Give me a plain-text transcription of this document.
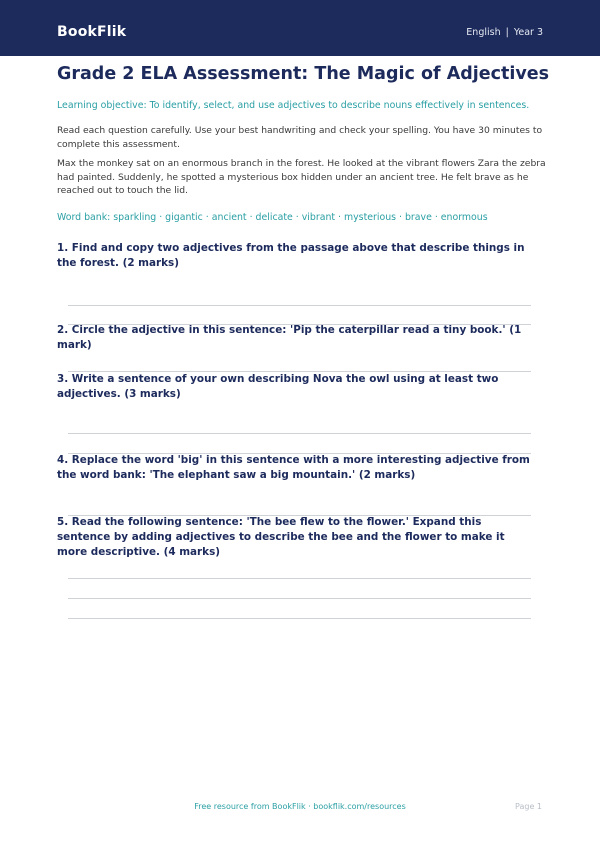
BookFlik	English | Year 3
Grade 2 ELA Assessment: The Magic of Adjectives
Learning objective: To identify, select, and use adjectives to describe nouns effectively in sentences.

Read each question carefully. Use your best handwriting and check your spelling. You have 30 minutes to complete this assessment.

Max the monkey sat on an enormous branch in the forest. He looked at the vibrant flowers Zara the zebra had painted. Suddenly, he spotted a mysterious box hidden under an ancient tree. He felt brave as he reached out to touch the lid.

Word bank: sparkling · gigantic · ancient · delicate · vibrant · mysterious · brave · enormous

1. Find and copy two adjectives from the passage above that describe things in the forest. (2 marks)

2. Circle the adjective in this sentence: 'Pip the caterpillar read a tiny book.' (1 mark)

3. Write a sentence of your own describing Nova the owl using at least two adjectives. (3 marks)

4. Replace the word 'big' in this sentence with a more interesting adjective from the word bank: 'The elephant saw a big mountain.' (2 marks)

5. Read the following sentence: 'The bee flew to the flower.' Expand this sentence by adding adjectives to describe the bee and the flower to make it more descriptive. (4 marks)

Free resource from BookFlik · bookflik.com/resources	Page 1
